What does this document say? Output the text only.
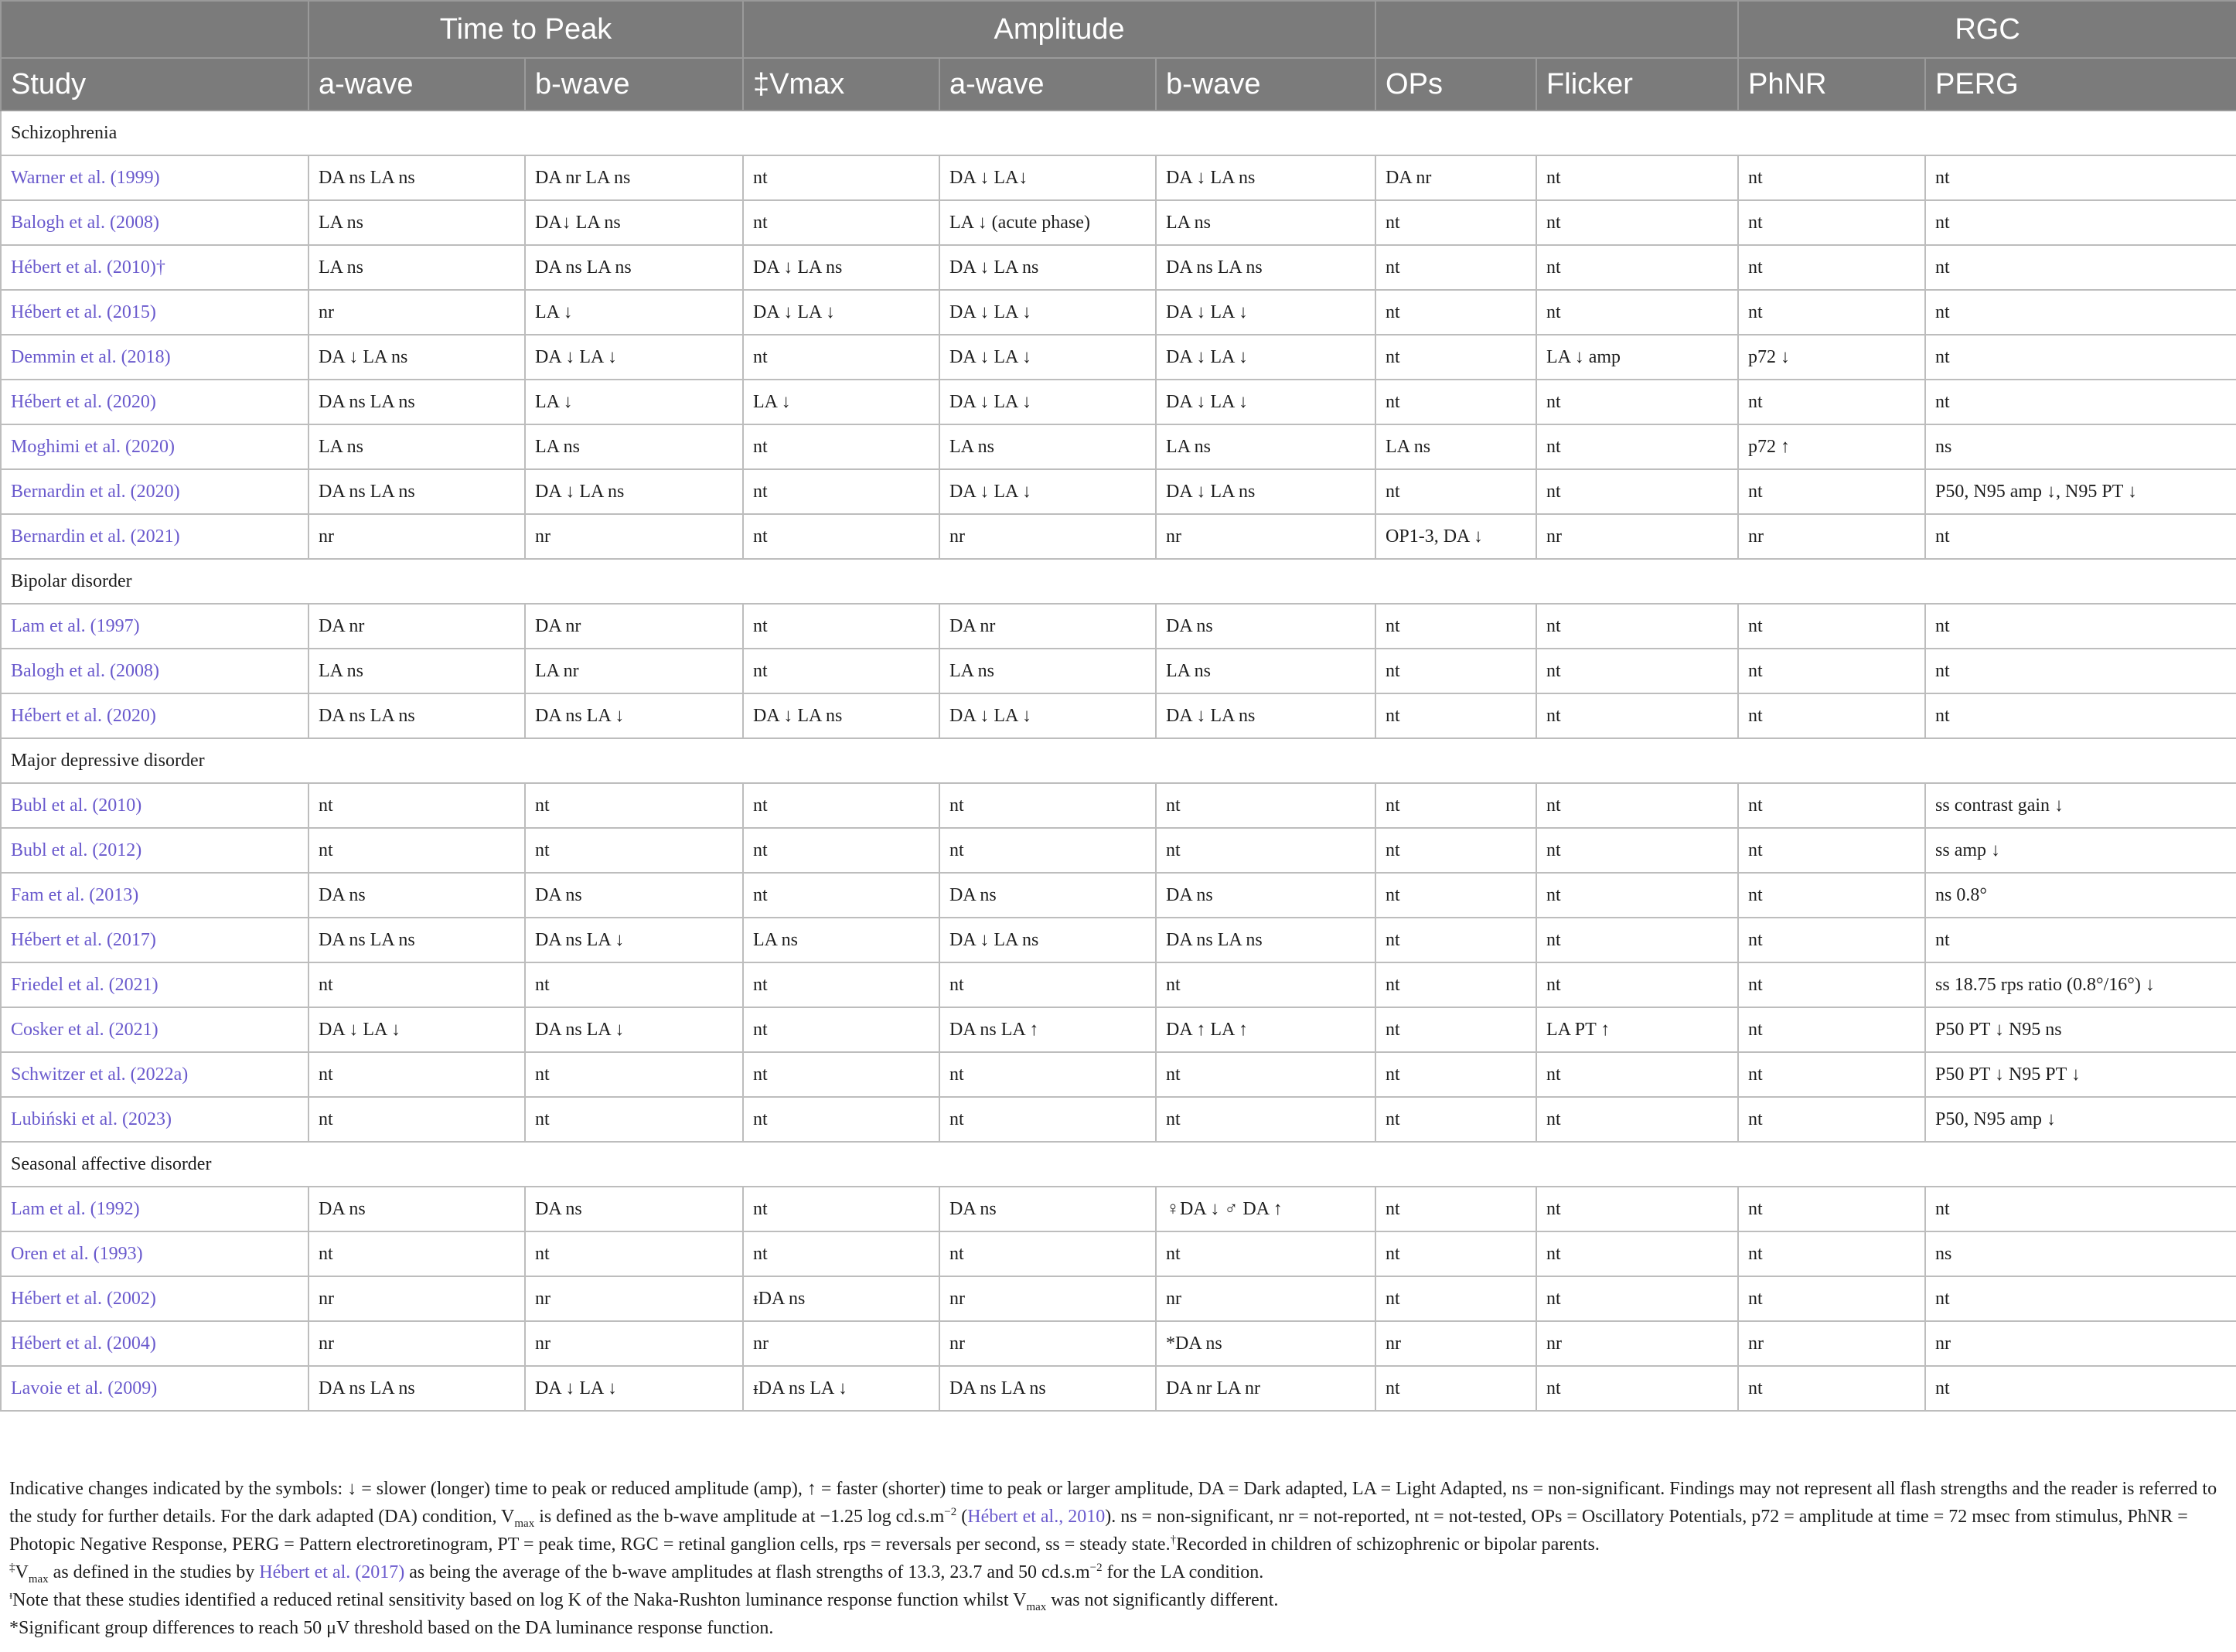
	Time to Peak		Amplitude					RGC	
Study	a-wave	b-wave	‡Vmax	a-wave	b-wave	OPs	Flicker	PhNR	PERG
Schizophrenia									
Warner et al. (1999)	DA ns LA ns	DA nr LA ns	nt	DA ↓ LA↓	DA ↓ LA ns	DA nr	nt	nt	nt
Balogh et al. (2008)	LA ns	DA↓ LA ns	nt	LA ↓ (acute phase)	LA ns	nt	nt	nt	nt
Hébert et al. (2010)†	LA ns	DA ns LA ns	DA ↓ LA ns	DA ↓ LA ns	DA ns LA ns	nt	nt	nt	nt
Hébert et al. (2015)	nr	LA ↓	DA ↓ LA ↓	DA ↓ LA ↓	DA ↓ LA ↓	nt	nt	nt	nt
Demmin et al. (2018)	DA ↓ LA ns	DA ↓ LA ↓	nt	DA ↓ LA ↓	DA ↓ LA ↓	nt	LA ↓ amp	p72 ↓	nt
Hébert et al. (2020)	DA ns LA ns	LA ↓	LA ↓	DA ↓ LA ↓	DA ↓ LA ↓	nt	nt	nt	nt
Moghimi et al. (2020)	LA ns	LA ns	nt	LA ns	LA ns	LA ns	nt	p72 ↑	ns
Bernardin et al. (2020)	DA ns LA ns	DA ↓ LA ns	nt	DA ↓ LA ↓	DA ↓ LA ns	nt	nt	nt	P50, N95 amp ↓, N95 PT ↓
Bernardin et al. (2021)	nr	nr	nt	nr	nr	OP1-3, DA ↓	nr	nr	nt
Bipolar disorder									
Lam et al. (1997)	DA nr	DA nr	nt	DA nr	DA ns	nt	nt	nt	nt
Balogh et al. (2008)	LA ns	LA nr	nt	LA ns	LA ns	nt	nt	nt	nt
Hébert et al. (2020)	DA ns LA ns	DA ns LA ↓	DA ↓ LA ns	DA ↓ LA ↓	DA ↓ LA ns	nt	nt	nt	nt
Major depressive disorder									
Bubl et al. (2010)	nt	nt	nt	nt	nt	nt	nt	nt	ss contrast gain ↓
Bubl et al. (2012)	nt	nt	nt	nt	nt	nt	nt	nt	ss amp ↓
Fam et al. (2013)	DA ns	DA ns	nt	DA ns	DA ns	nt	nt	nt	ns 0.8°
Hébert et al. (2017)	DA ns LA ns	DA ns LA ↓	LA ns	DA ↓ LA ns	DA ns LA ns	nt	nt	nt	nt
Friedel et al. (2021)	nt	nt	nt	nt	nt	nt	nt	nt	ss 18.75 rps ratio (0.8°/16°) ↓
Cosker et al. (2021)	DA ↓ LA ↓	DA ns LA ↓	nt	DA ns LA ↑	DA ↑ LA ↑	nt	LA PT ↑	nt	P50 PT ↓ N95 ns
Schwitzer et al. (2022a)	nt	nt	nt	nt	nt	nt	nt	nt	P50 PT ↓ N95 PT ↓
Lubiński et al. (2023)	nt	nt	nt	nt	nt	nt	nt	nt	P50, N95 amp ↓
Seasonal affective disorder									
Lam et al. (1992)	DA ns	DA ns	nt	DA ns	♀DA ↓ ♂ DA ↑	nt	nt	nt	nt
Oren et al. (1993)	nt	nt	nt	nt	nt	nt	nt	nt	ns
Hébert et al. (2002)	nr	nr	ᵻDA ns	nr	nr	nt	nt	nt	nt
Hébert et al. (2004)	nr	nr	nr	nr	*DA ns	nr	nr	nr	nr
Lavoie et al. (2009)	DA ns LA ns	DA ↓ LA ↓	ᵻDA ns LA ↓	DA ns LA ns	DA nr LA nr	nt	nt	nt	nt

Indicative changes indicated by the symbols: ↓ = slower (longer) time to peak or reduced amplitude (amp), ↑ = faster (shorter) time to peak or larger amplitude, DA = Dark adapted, LA = Light Adapted, ns = non-significant. Findings may not represent all flash strengths and the reader is referred to the study for further details. For the dark adapted (DA) condition, $V_{max}$ is defined as the b-wave amplitude at −1.25 $\log cd.s.m^{-2}$ (Hébert et al., 2010). ns = non-significant, nr = not-reported, nt = not-tested, OPs = Oscillatory Potentials, p72 = amplitude at time = 72 msec from stimulus, PhNR = Photopic Negative Response, PERG = Pattern electroretinogram, PT = peak time, RGC = retinal ganglion cells, rps = reversals per second, ss = steady state.†Recorded in children of schizophrenic or bipolar parents.

$^\ddagger V_{max}$ as defined in the studies by Hébert et al. (2017) as being the average of the b-wave amplitudes at flash strengths of 13.3, 23.7 and 50 $cd.s.m^{-2}$ for the LA condition.

$^ᵻ$Note that these studies identified a reduced retinal sensitivity based on log K of the Naka-Rushton luminance response function whilst $V_{max}$ was not significantly different.

*Significant group differences to reach 50 μV threshold based on the DA luminance response function.
